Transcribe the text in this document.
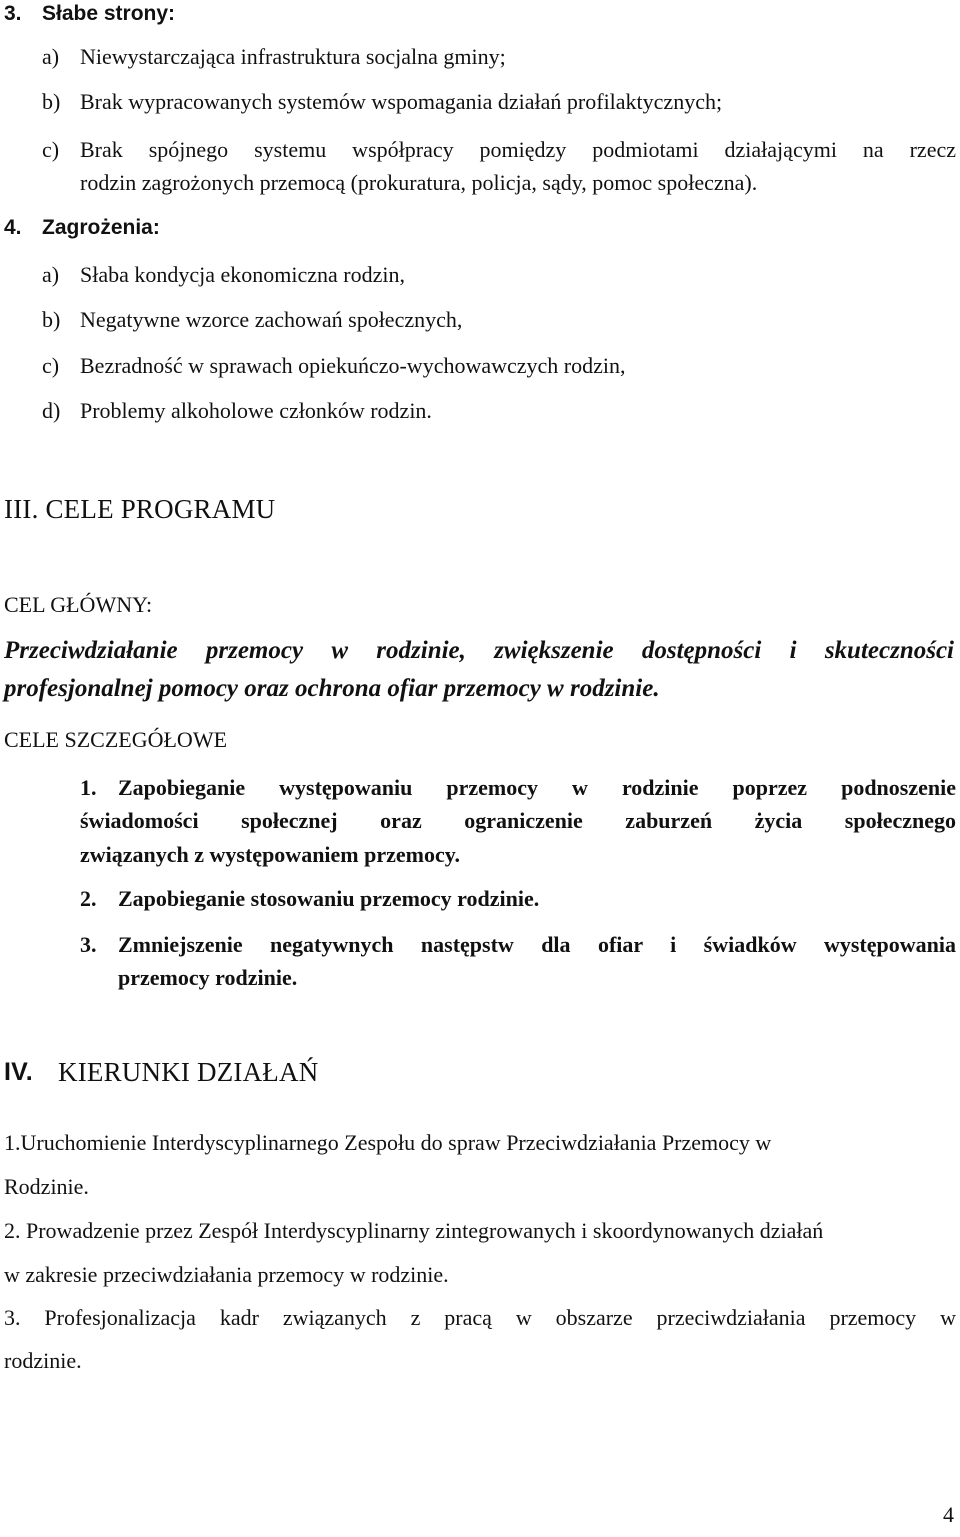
3. Słabe strony:
a) Niewystarczająca infrastruktura socjalna gminy;
b) Brak wypracowanych systemów wspomagania działań profilaktycznych;
c) Brak spójnego systemu współpracy pomiędzy podmiotami działającymi na rzecz
rodzin zagrożonych przemocą (prokuratura, policja, sądy, pomoc społeczna).
4. Zagrożenia:
a) Słaba kondycja ekonomiczna rodzin,
b) Negatywne wzorce zachowań społecznych,
c) Bezradność w sprawach opiekuńczo-wychowawczych rodzin,
d) Problemy alkoholowe członków rodzin.
III. CELE PROGRAMU
CEL GŁÓWNY:
Przeciwdziałanie przemocy w rodzinie, zwiększenie dostępności i skuteczności
profesjonalnej pomocy oraz ochrona ofiar przemocy w rodzinie.
CELE SZCZEGÓŁOWE
1. Zapobieganie występowaniu przemocy w rodzinie poprzez podnoszenie
świadomości społecznej oraz ograniczenie zaburzeń życia społecznego
związanych z występowaniem przemocy.
2. Zapobieganie stosowaniu przemocy rodzinie.
3. Zmniejszenie negatywnych następstw dla ofiar i świadków występowania
przemocy rodzinie.
IV. KIERUNKI DZIAŁAŃ
1.Uruchomienie Interdyscyplinarnego Zespołu do spraw Przeciwdziałania Przemocy w
Rodzinie.
2. Prowadzenie przez Zespół Interdyscyplinarny zintegrowanych i skoordynowanych działań
w zakresie przeciwdziałania przemocy w rodzinie.
3. Profesjonalizacja kadr związanych z pracą w obszarze przeciwdziałania przemocy w
rodzinie.
4
